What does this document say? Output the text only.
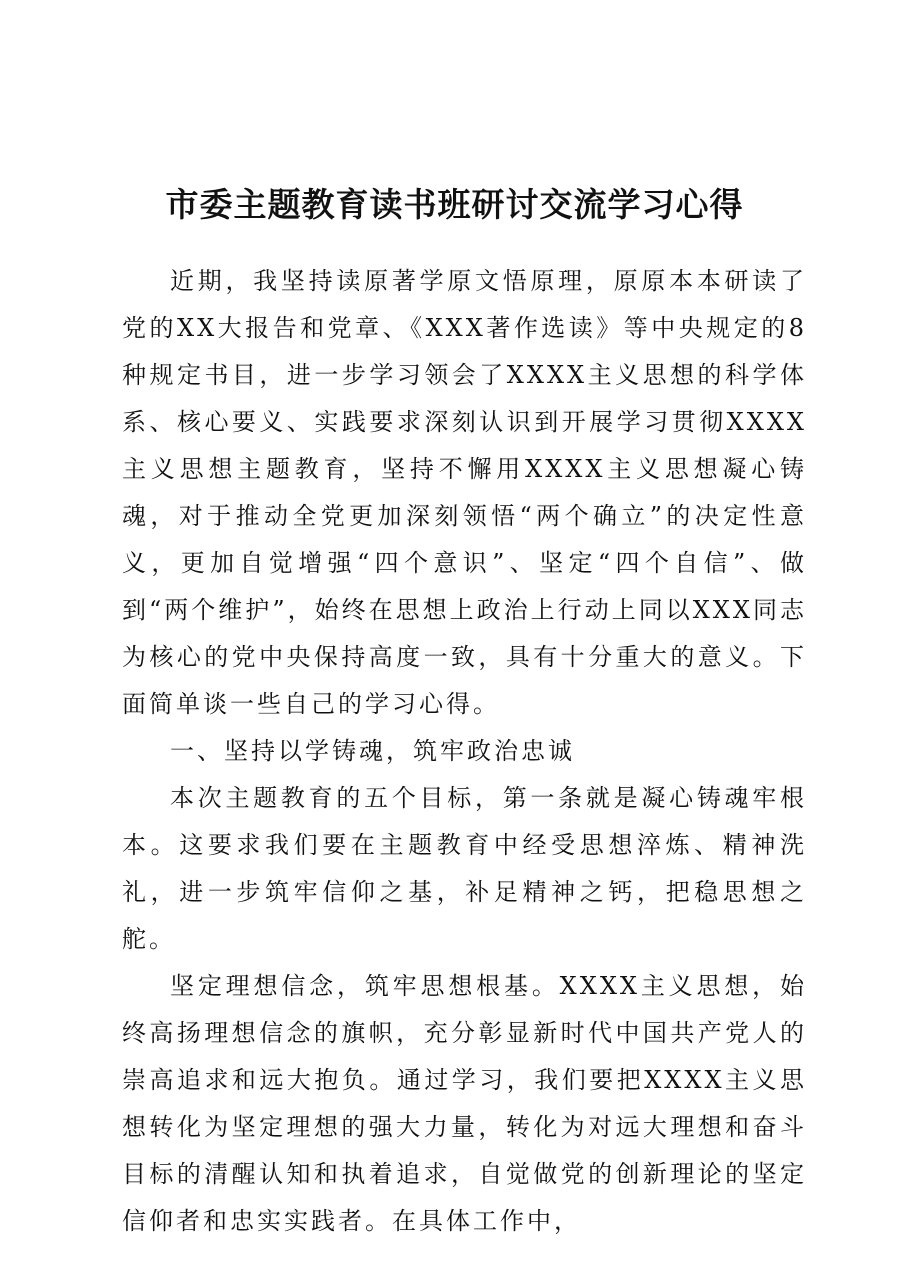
市委主题教育读书班研讨交流学习心得

近期，我坚持读原著学原文悟原理，原原本本研读了党的XX大报告和党章、《XXX著作选读》等中央规定的8种规定书目，进一步学习领会了XXXX主义思想的科学体系、核心要义、实践要求深刻认识到开展学习贯彻XXXX主义思想主题教育，坚持不懈用XXXX主义思想凝心铸魂，对于推动全党更加深刻领悟“两个确立”的决定性意义，更加自觉增强“四个意识”、坚定“四个自信”、做到“两个维护”，始终在思想上政治上行动上同以XXX同志为核心的党中央保持高度一致，具有十分重大的意义。下面简单谈一些自己的学习心得。

一、坚持以学铸魂，筑牢政治忠诚

本次主题教育的五个目标，第一条就是凝心铸魂牢根本。这要求我们要在主题教育中经受思想淬炼、精神洗礼，进一步筑牢信仰之基，补足精神之钙，把稳思想之舵。

坚定理想信念，筑牢思想根基。XXXX主义思想，始终高扬理想信念的旗帜，充分彰显新时代中国共产党人的崇高追求和远大抱负。通过学习，我们要把XXXX主义思想转化为坚定理想的强大力量，转化为对远大理想和奋斗目标的清醒认知和执着追求，自觉做党的创新理论的坚定信仰者和忠实实践者。在具体工作中，
